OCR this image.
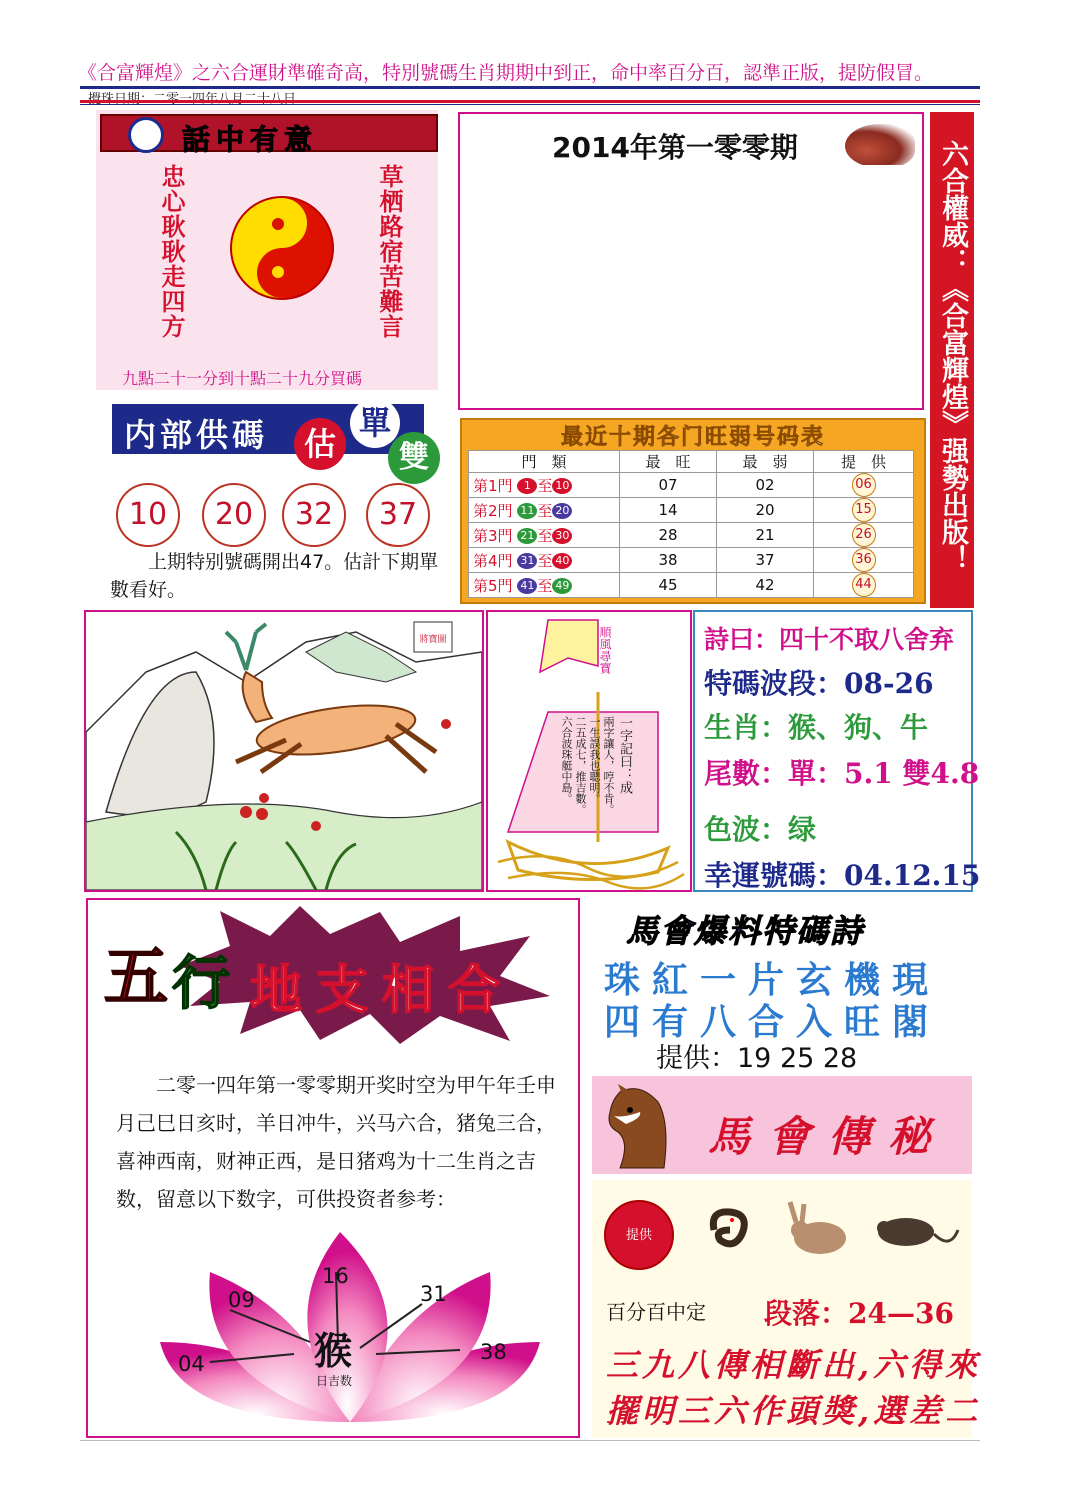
《合富輝煌》之六合運財準確奇高，特別號碼生肖期期中到正，命中率百分百，認準正版，提防假冒。
話中有意
忠心耿耿走四方	草栖路宿苦難言
九點二十一分到十點二十九分買碼
2014年第一零零期	六合權威：《合富輝煌》强勢出版！
内部供碼	估
單
雙
10	20	32	37
上期特别號碼開出47。估計下期單數看好。
最近十期各门旺弱号码表
門　類	最　旺	最　弱	提　供
第1門 1 至 10	07	02	06
第2門 11 至 20	14	20	15
第3門 21 至 30	28	21	26
第4門 31 至 40	38	37	36
第5門 41 至 49	45	42	44
將寶圖	順風尋寶
一字記曰：成
兩字讓人，哼不肯。
一生誤我也聰明。
二五成七，推吉數。
六合波珠艇中島。
詩曰：四十不取八舍弃
特碼波段：08-26
生肖：猴、狗、牛
尾數：單：5.1 雙4.8
色波：绿
幸運號碼：04.12.15
五 行 地支相合
二零一四年第一零零期开奖时空为甲午年壬申月己巳日亥时，羊日冲牛，兴马六合，猪兔三合，喜神西南，财神正西，是日猪鸡为十二生肖之吉数，留意以下数字，可供投资者参考：
16
09	31
04	38
猴
日吉数
馬會爆料特碼詩
珠紅一片玄機現
四有八合入旺閣
提供：19 25 28
馬會傳秘
提供
百分百中定 段落：24—36
三九八傳相斷出,六得來
擺明三六作頭獎,選差二
